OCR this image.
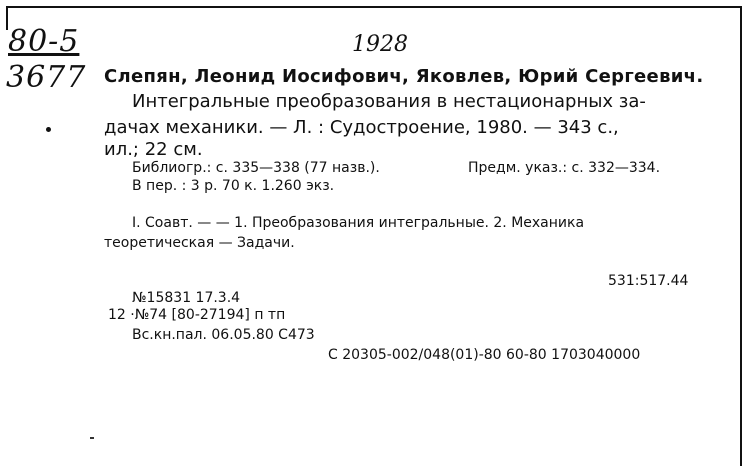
80-5
3677
1928
Слепян, Леонид Иосифович, Яковлев, Юрий Сергеевич.
Интегральные преобразования в нестационарных за-
дачах механики. — Л. : Судостроение, 1980. — 343 с.,
ил.; 22 см.
Библиогр.: с. 335—338 (77 назв.).	Предм. указ.: с. 332—334.
В пер. : 3 р. 70 к. 1.260 экз.
I. Соавт. — — 1. Преобразования интегральные. 2. Механика
теоретическая — Задачи.
531:517.44
№15831 17.3.4
12 ·№74 [80-27194] п тп
Вс.кн.пал. 06.05.80 С473
С 20305-002/048(01)-80 60-80 1703040000
